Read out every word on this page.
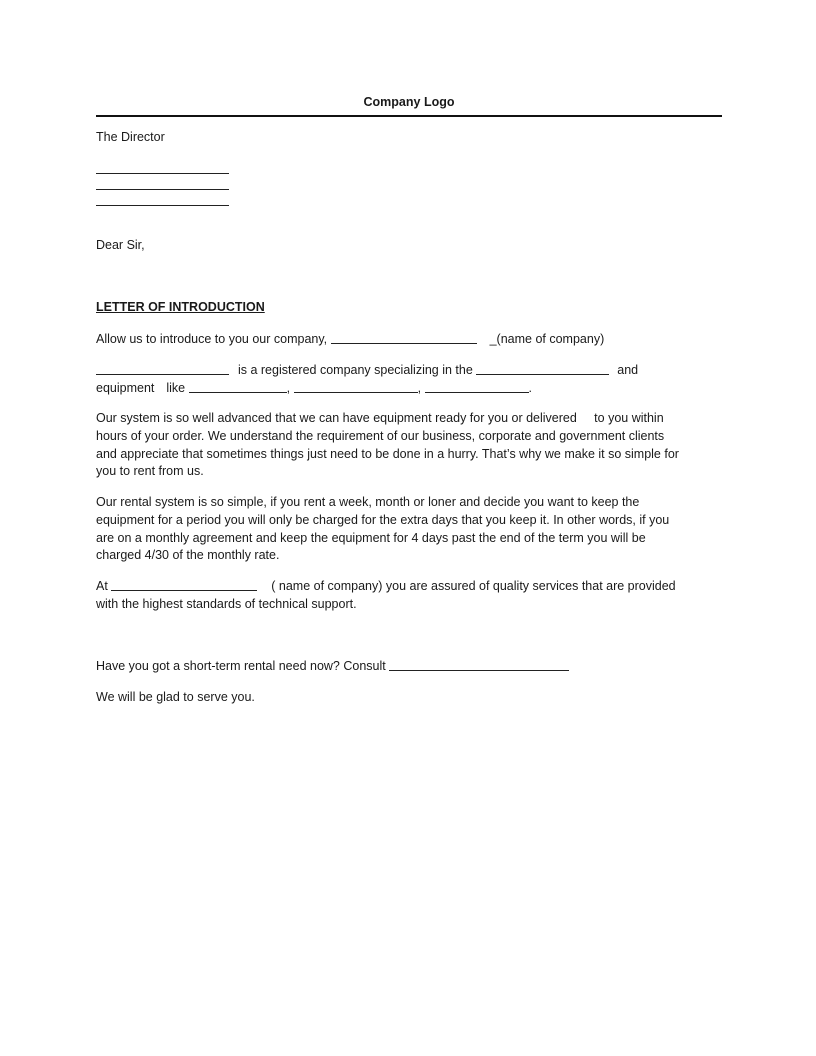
Company Logo
The Director
Dear Sir,
LETTER OF INTRODUCTION
Allow us to introduce to you our company,	_(name of company)
is a registered company specializing in the	and
equipment like	,	,	.
Our system is so well advanced that we can have equipment ready for you or delivered     to you within
hours of your order. We understand the requirement of our business, corporate and government clients
and appreciate that sometimes things just need to be done in a hurry. That’s why we make it so simple for
you to rent from us.
Our rental system is so simple, if you rent a week, month or loner and decide you want to keep the
equipment for a period you will only be charged for the extra days that you keep it. In other words, if you
are on a monthly agreement and keep the equipment for 4 days past the end of the term you will be
charged 4/30 of the monthly rate.
At	( name of company) you are assured of quality services that are provided
with the highest standards of technical support.
Have you got a short-term rental need now? Consult
We will be glad to serve you.
